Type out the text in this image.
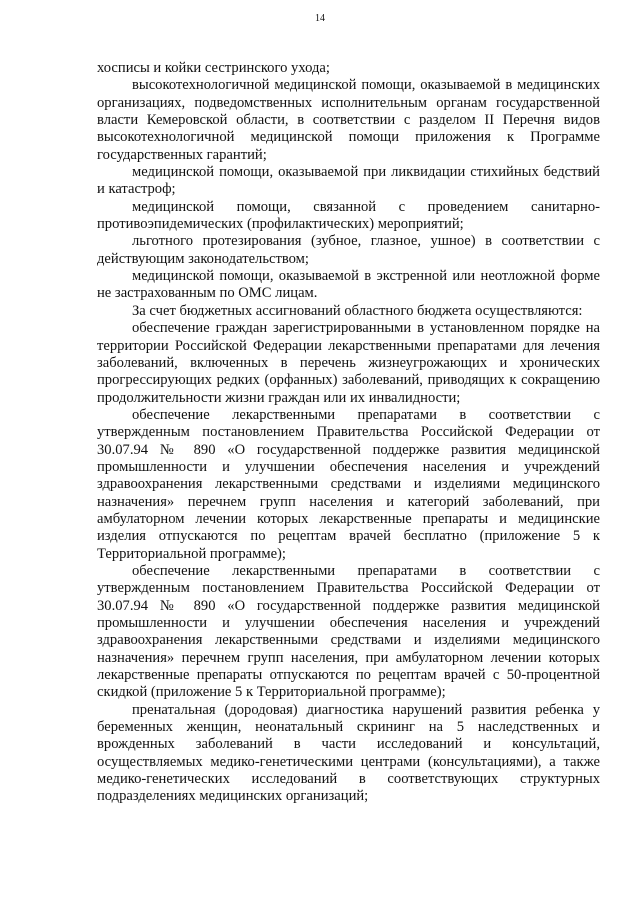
14

хосписы и койки сестринского ухода;

высокотехнологичной медицинской помощи, оказываемой в медицинских организациях, подведомственных исполнительным органам государственной власти Кемеровской области, в соответствии с разделом II Перечня видов высокотехнологичной медицинской помощи приложения к Программе государственных гарантий;

медицинской помощи, оказываемой при ликвидации стихийных бедствий и катастроф;

медицинской помощи, связанной с проведением санитарно-противоэпидемических (профилактических) мероприятий;

льготного протезирования (зубное, глазное, ушное) в соответствии с действующим законодательством;

медицинской помощи, оказываемой в экстренной или неотложной форме не застрахованным по ОМС лицам.

За счет бюджетных ассигнований областного бюджета осуществляются:

обеспечение граждан зарегистрированными в установленном порядке на территории Российской Федерации лекарственными препаратами для лечения заболеваний, включенных в перечень жизнеугрожающих и хронических прогрессирующих редких (орфанных) заболеваний, приводящих к сокращению продолжительности жизни граждан или их инвалидности;

обеспечение лекарственными препаратами в соответствии с утвержденным постановлением Правительства Российской Федерации от 30.07.94 № 890 «О государственной поддержке развития медицинской промышленности и улучшении обеспечения населения и учреждений здравоохранения лекарственными средствами и изделиями медицинского назначения» перечнем групп населения и категорий заболеваний, при амбулаторном лечении которых лекарственные препараты и медицинские изделия отпускаются по рецептам врачей бесплатно (приложение 5 к Территориальной программе);

обеспечение лекарственными препаратами в соответствии с утвержденным постановлением Правительства Российской Федерации от 30.07.94 № 890 «О государственной поддержке развития медицинской промышленности и улучшении обеспечения населения и учреждений здравоохранения лекарственными средствами и изделиями медицинского назначения» перечнем групп населения, при амбулаторном лечении которых лекарственные препараты отпускаются по рецептам врачей с 50-процентной скидкой (приложение 5 к Территориальной программе);

пренатальная (дородовая) диагностика нарушений развития ребенка у беременных женщин, неонатальный скрининг на 5 наследственных и врожденных заболеваний в части исследований и консультаций, осуществляемых медико-генетическими центрами (консультациями), а также медико-генетических исследований в соответствующих структурных подразделениях медицинских организаций;
